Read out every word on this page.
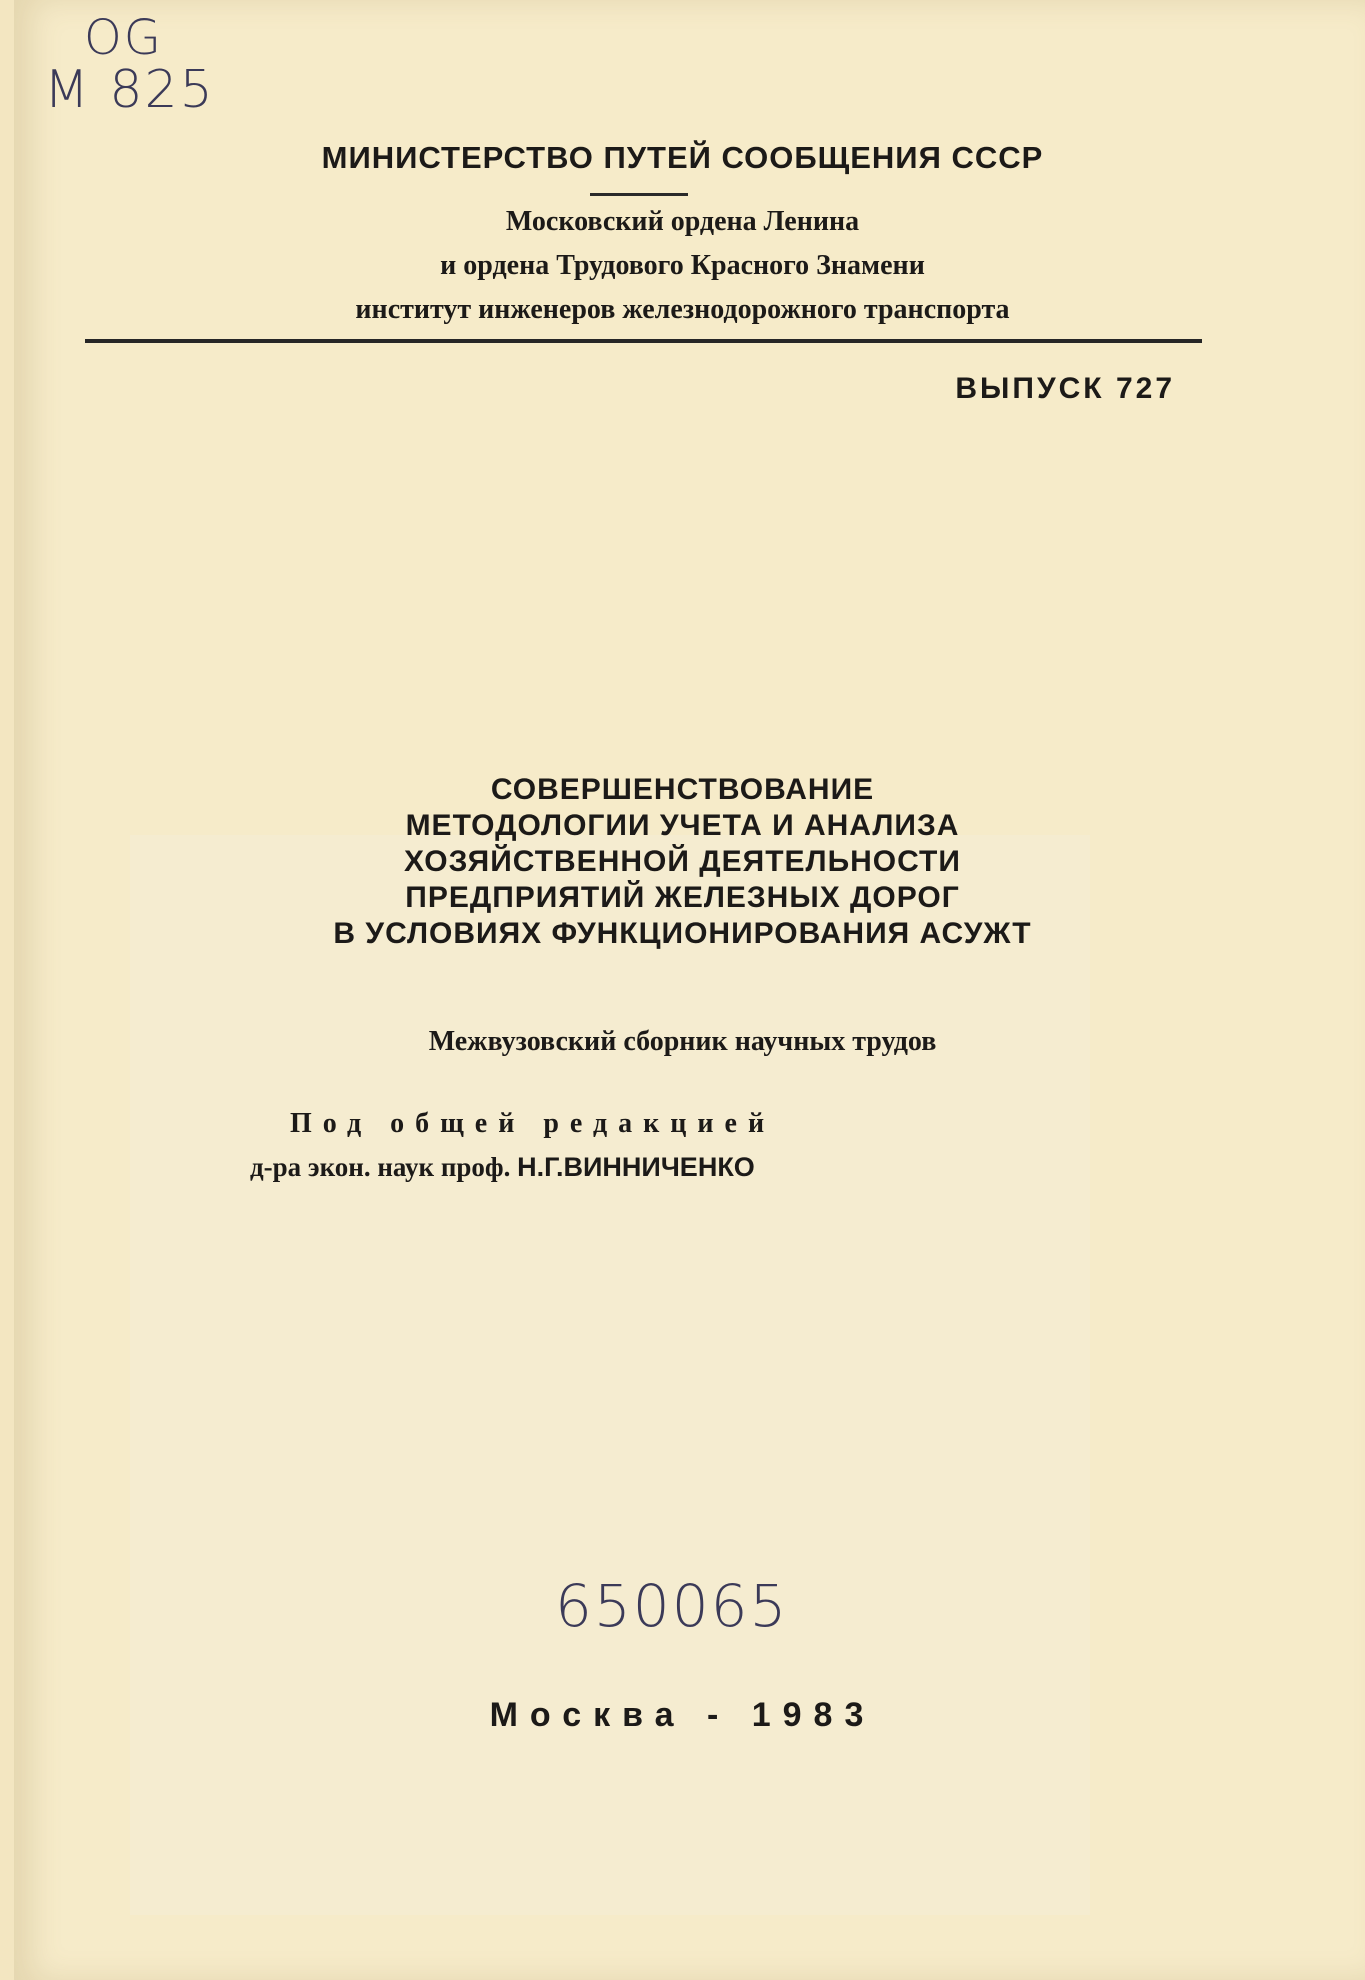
ОG
М 825
МИНИСТЕРСТВО ПУТЕЙ СООБЩЕНИЯ СССР
Московский ордена Ленина
и ордена Трудового Красного Знамени
институт инженеров железнодорожного транспорта
ВЫПУСК 727
СОВЕРШЕНСТВОВАНИЕ
МЕТОДОЛОГИИ УЧЕТА И АНАЛИЗА
ХОЗЯЙСТВЕННОЙ ДЕЯТЕЛЬНОСТИ
ПРЕДПРИЯТИЙ ЖЕЛЕЗНЫХ ДОРОГ
В УСЛОВИЯХ ФУНКЦИОНИРОВАНИЯ АСУЖТ
Межвузовский сборник научных трудов
Под общей редакцией
д-ра экон. наук проф. Н.Г.ВИННИЧЕНКО
650065
Москва - 1983
